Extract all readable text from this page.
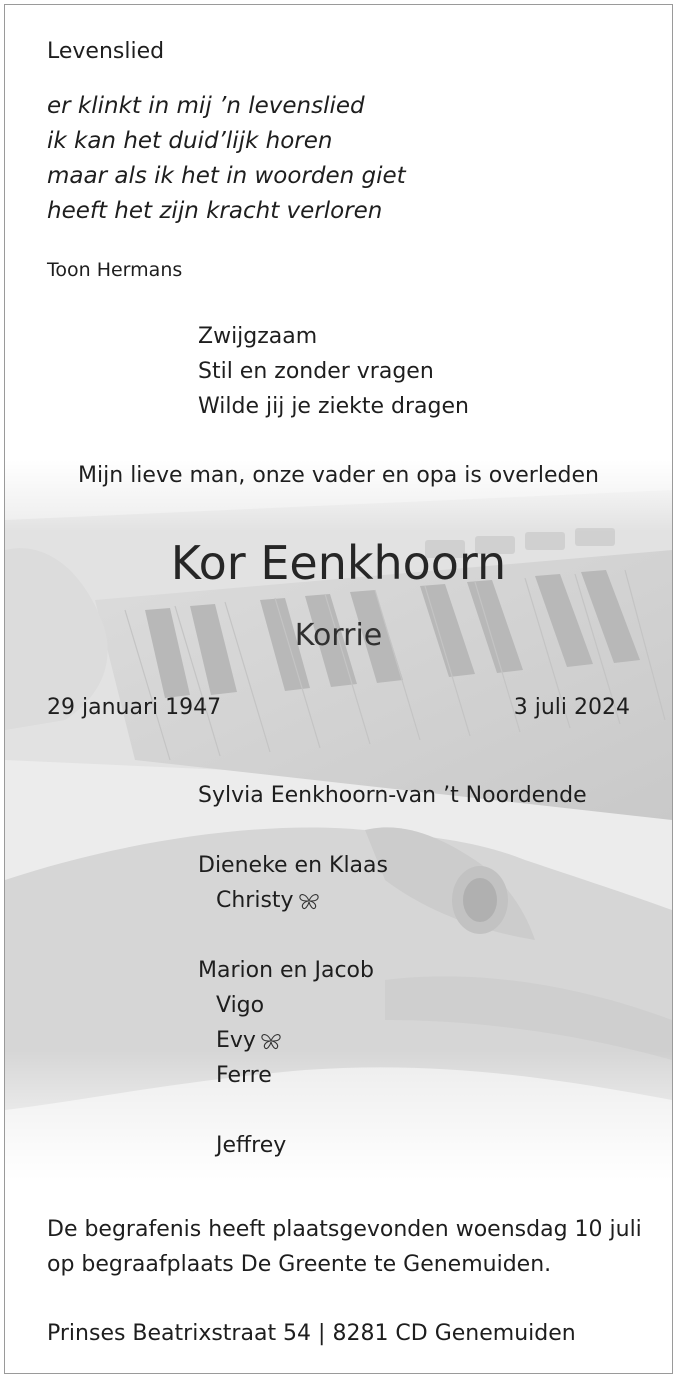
Levenslied
er klinkt in mij ’n levenslied
ik kan het duid’lijk horen
maar als ik het in woorden giet
heeft het zijn kracht verloren
Toon Hermans
Zwijgzaam
Stil en zonder vragen
Wilde jij je ziekte dragen
Mijn lieve man, onze vader en opa is overleden
Kor Eenkhoorn
Korrie
29 januari 1947	3 juli 2024
Sylvia Eenkhoorn-van ’t Noordende
Dieneke en Klaas
Christy
Marion en Jacob
Vigo
Evy
Ferre
Jeffrey
De begrafenis heeft plaatsgevonden woensdag 10 juli
op begraafplaats De Greente te Genemuiden.
Prinses Beatrixstraat 54 | 8281 CD Genemuiden
